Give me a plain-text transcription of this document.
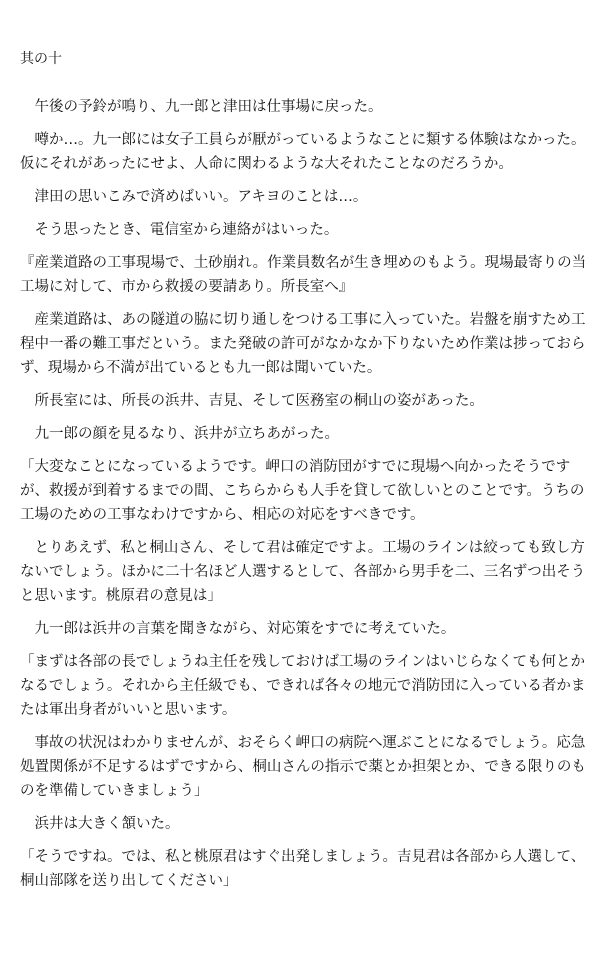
其の十

午後の予鈴が鳴り、九一郎と津田は仕事場に戻った。

噂か…。九一郎には女子工員らが厭がっているようなことに類する体験はなかった。仮にそれがあったにせよ、人命に関わるような大それたことなのだろうか。

津田の思いこみで済めばいい。アキヨのことは…。

そう思ったとき、電信室から連絡がはいった。

『産業道路の工事現場で、土砂崩れ。作業員数名が生き埋めのもよう。現場最寄りの当工場に対して、市から救援の要請あり。所長室へ』

産業道路は、あの隧道の脇に切り通しをつける工事に入っていた。岩盤を崩すため工程中一番の難工事だという。また発破の許可がなかなか下りないため作業は捗っておらず、現場から不満が出ているとも九一郎は聞いていた。

所長室には、所長の浜井、吉見、そして医務室の桐山の姿があった。

九一郎の顔を見るなり、浜井が立ちあがった。

「大変なことになっているようです。岬口の消防団がすでに現場へ向かったそうですが、救援が到着するまでの間、こちらからも人手を貸して欲しいとのことです。うちの工場のための工事なわけですから、相応の対応をすべきです。

とりあえず、私と桐山さん、そして君は確定ですよ。工場のラインは絞っても致し方ないでしょう。ほかに二十名ほど人選するとして、各部から男手を二、三名ずつ出そうと思います。桃原君の意見は」

九一郎は浜井の言葉を聞きながら、対応策をすでに考えていた。

「まずは各部の長でしょうね主任を残しておけば工場のラインはいじらなくても何とかなるでしょう。それから主任級でも、できれば各々の地元で消防団に入っている者かまたは軍出身者がいいと思います。

事故の状況はわかりませんが、おそらく岬口の病院へ運ぶことになるでしょう。応急処置関係が不足するはずですから、桐山さんの指示で薬とか担架とか、できる限りのものを準備していきましょう」

浜井は大きく頷いた。

「そうですね。では、私と桃原君はすぐ出発しましょう。吉見君は各部から人選して、桐山部隊を送り出してください」
